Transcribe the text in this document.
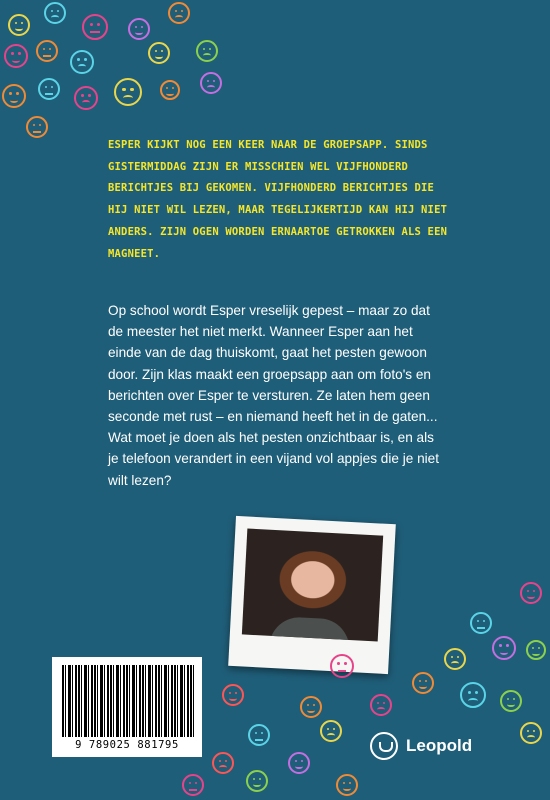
ESPER KIJKT NOG EEN KEER NAAR DE GROEPSAPP. SINDS GISTERMIDDAG ZIJN ER MISSCHIEN WEL VIJFHONDERD BERICHTJES BIJ GEKOMEN. VIJFHONDERD BERICHTJES DIE HIJ NIET WIL LEZEN, MAAR TEGELIJKERTIJD KAN HIJ NIET ANDERS. ZIJN OGEN WORDEN ERNAARTOE GETROKKEN ALS EEN MAGNEET.

Op school wordt Esper vreselijk gepest – maar zo dat de meester het niet merkt. Wanneer Esper aan het einde van de dag thuiskomt, gaat het pesten gewoon door. Zijn klas maakt een groepsapp aan om foto's en berichten over Esper te versturen. Ze laten hem geen seconde met rust – en niemand heeft het in de gaten... Wat moet je doen als het pesten onzichtbaar is, en als je telefoon verandert in een vijand vol appjes die je niet wilt lezen?

9 789025 881795	Leopold
